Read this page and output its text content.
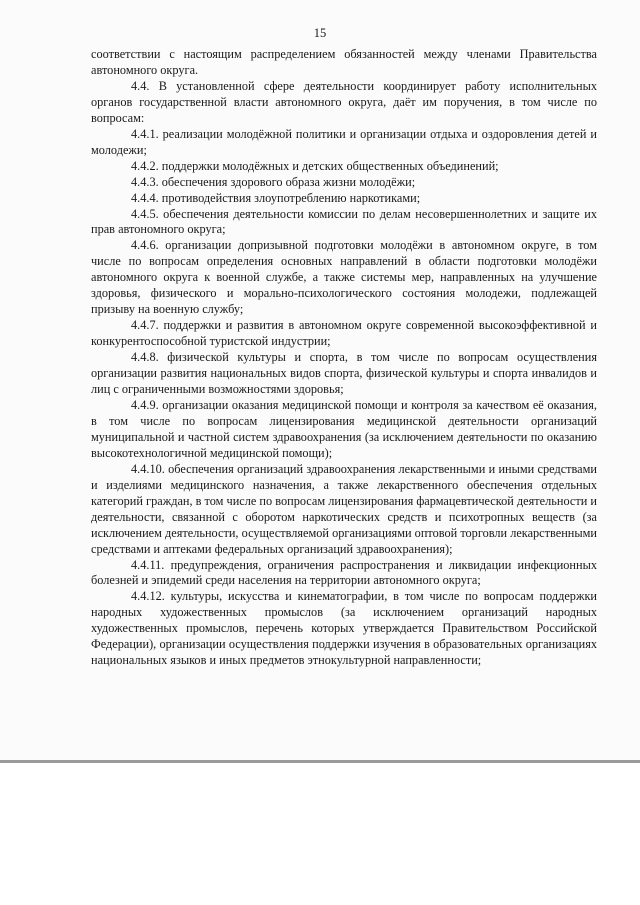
15

соответствии с настоящим распределением обязанностей между членами Правительства автономного округа.

4.4. В установленной сфере деятельности координирует работу исполнительных органов государственной власти автономного округа, даёт им поручения, в том числе по вопросам:

4.4.1. реализации молодёжной политики и организации отдыха и оздоровления детей и молодежи;

4.4.2. поддержки молодёжных и детских общественных объединений;

4.4.3. обеспечения здорового образа жизни молодёжи;

4.4.4. противодействия злоупотреблению наркотиками;

4.4.5. обеспечения деятельности комиссии по делам несовершеннолетних и защите их прав автономного округа;

4.4.6. организации допризывной подготовки молодёжи в автономном округе, в том числе по вопросам определения основных направлений в области подготовки молодёжи автономного округа к военной службе, а также системы мер, направленных на улучшение здоровья, физического и морально-психологического состояния молодежи, подлежащей призыву на военную службу;

4.4.7. поддержки и развития в автономном округе современной высокоэффективной и конкурентоспособной туристской индустрии;

4.4.8. физической культуры и спорта, в том числе по вопросам осуществления организации развития национальных видов спорта, физической культуры и спорта инвалидов и лиц с ограниченными возможностями здоровья;

4.4.9. организации оказания медицинской помощи и контроля за качеством её оказания, в том числе по вопросам лицензирования медицинской деятельности организаций муниципальной и частной систем здравоохранения (за исключением деятельности по оказанию высокотехнологичной медицинской помощи);

4.4.10. обеспечения организаций здравоохранения лекарственными и иными средствами и изделиями медицинского назначения, а также лекарственного обеспечения отдельных категорий граждан, в том числе по вопросам лицензирования фармацевтической деятельности и деятельности, связанной с оборотом наркотических средств и психотропных веществ (за исключением деятельности, осуществляемой организациями оптовой торговли лекарственными средствами и аптеками федеральных организаций здравоохранения);

4.4.11. предупреждения, ограничения распространения и ликвидации инфекционных болезней и эпидемий среди населения на территории автономного округа;

4.4.12. культуры, искусства и кинематографии, в том числе по вопросам поддержки народных художественных промыслов (за исключением организаций народных художественных промыслов, перечень которых утверждается Правительством Российской Федерации), организации осуществления поддержки изучения в образовательных организациях национальных языков и иных предметов этнокультурной направленности;
